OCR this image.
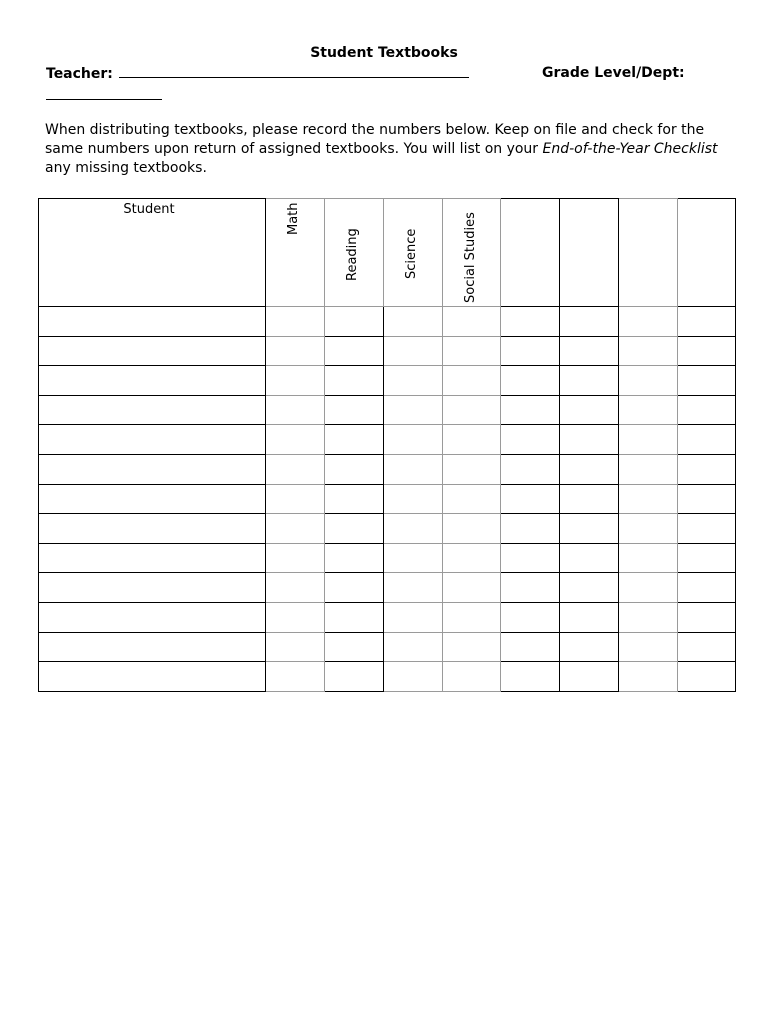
Student Textbooks
Teacher:	Grade Level/Dept:
When distributing textbooks, please record the numbers below. Keep on file and check for the same numbers upon return of assigned textbooks. You will list on your End-of-the-Year Checklist any missing textbooks.
Student	Math	Reading	Science	Social Studies				
